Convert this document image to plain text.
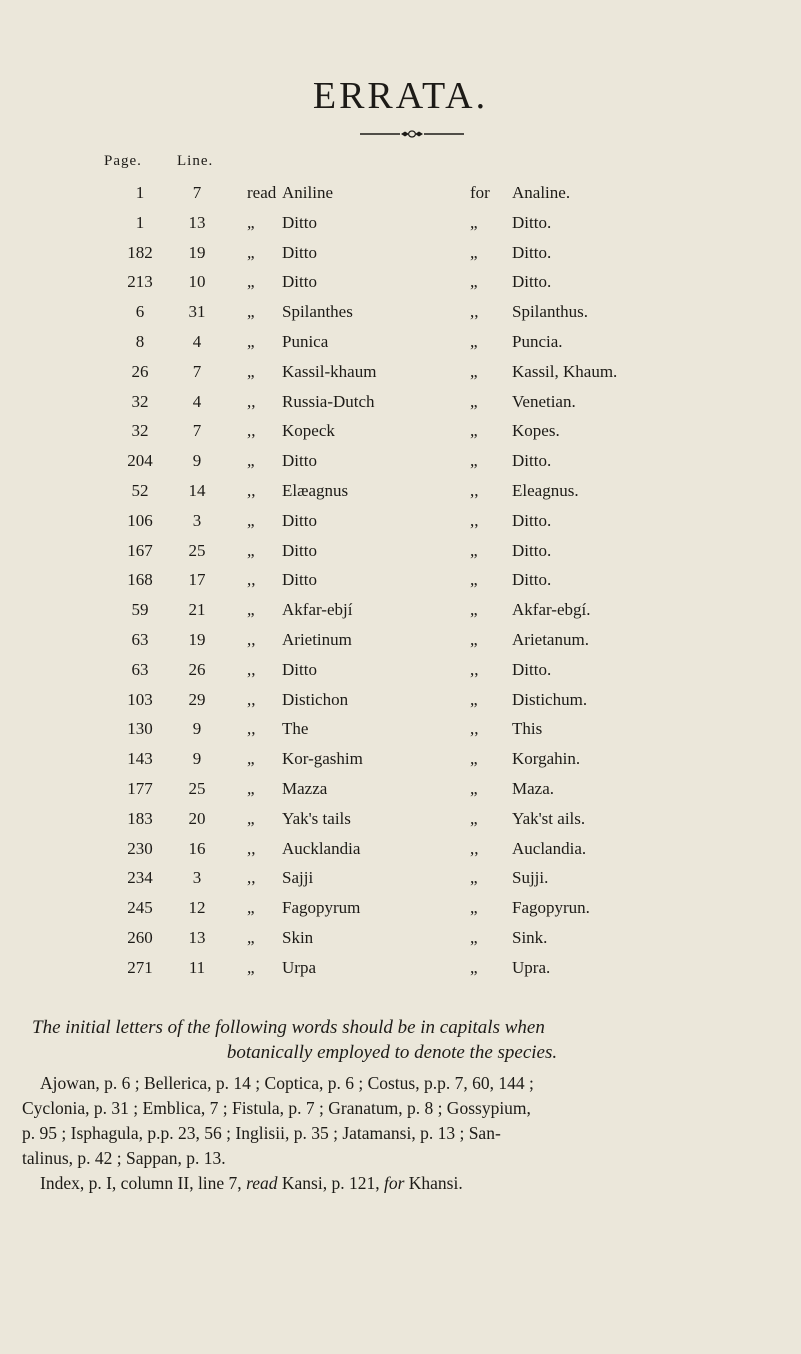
ERRATA.
Page. Line.
1	7	read Aniline	for Analine.
1	13	„ Ditto	„ Ditto.
182	19	„ Ditto	„ Ditto.
213	10	„ Ditto	„ Ditto.
6	31	„ Spilanthes	,, Spilanthus.
8	4	„ Punica	„ Puncia.
26	7	„ Kassil-khaum	„ Kassil, Khaum.
32	4	,, Russia-Dutch	„ Venetian.
32	7	,, Kopeck	„ Kopes.
204	9	„ Ditto	„ Ditto.
52	14	,, Elæagnus	,, Eleagnus.
106	3	„ Ditto	,, Ditto.
167	25	„ Ditto	„ Ditto.
168	17	,, Ditto	„ Ditto.
59	21	„ Akfar-ebjí	„ Akfar-ebgí.
63	19	,, Arietinum	„ Arietanum.
63	26	,, Ditto	,, Ditto.
103	29	,, Distichon	„ Distichum.
130	9	,, The	,, This
143	9	„ Kor-gashim	„ Korgahin.
177	25	„ Mazza	„ Maza.
183	20	„ Yak's tails	„ Yak'st ails.
230	16	,, Aucklandia	,, Auclandia.
234	3	,, Sajji	„ Sujji.
245	12	„ Fagopyrum	„ Fagopyrun.
260	13	„ Skin	„ Sink.
271	11	„ Urpa	„ Upra.
The initial letters of the following words should be in capitals when
botanically employed to denote the species.

Ajowan, p. 6 ; Bellerica, p. 14 ; Coptica, p. 6 ; Costus, p.p. 7, 60, 144 ;

Cyclonia, p. 31 ; Emblica, 7 ; Fistula, p. 7 ; Granatum, p. 8 ; Gossypium,

p. 95 ; Isphagula, p.p. 23, 56 ; Inglisii, p. 35 ; Jatamansi, p. 13 ; San-

talinus, p. 42 ; Sappan, p. 13.

Index, p. I, column II, line 7, read Kansi, p. 121, for Khansi.
